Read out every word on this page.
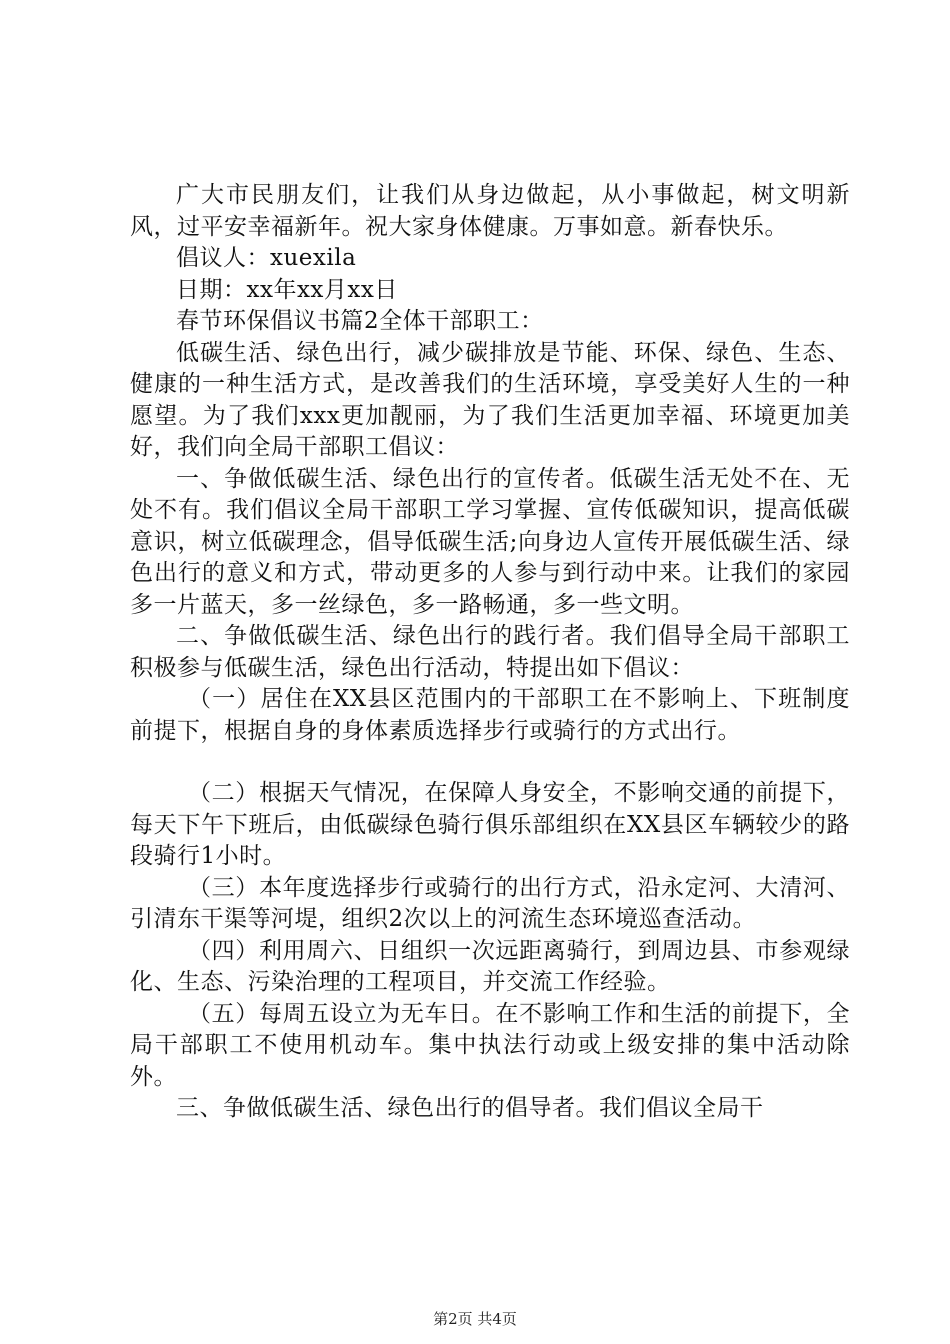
广大市民朋友们，让我们从身边做起，从小事做起，树文明新风，过平安幸福新年。祝大家身体健康。万事如意。新春快乐。

倡议人：xuexila

日期：xx年xx月xx日

春节环保倡议书篇2全体干部职工：

低碳生活、绿色出行，减少碳排放是节能、环保、绿色、生态、健康的一种生活方式，是改善我们的生活环境，享受美好人生的一种愿望。为了我们xxx更加靓丽，为了我们生活更加幸福、环境更加美好，我们向全局干部职工倡议：

一、争做低碳生活、绿色出行的宣传者。低碳生活无处不在、无处不有。我们倡议全局干部职工学习掌握、宣传低碳知识，提高低碳意识，树立低碳理念，倡导低碳生活;向身边人宣传开展低碳生活、绿色出行的意义和方式，带动更多的人参与到行动中来。让我们的家园多一片蓝天，多一丝绿色，多一路畅通，多一些文明。

二、争做低碳生活、绿色出行的践行者。我们倡导全局干部职工积极参与低碳生活，绿色出行活动，特提出如下倡议：

（一）居住在XX县区范围内的干部职工在不影响上、下班制度前提下，根据自身的身体素质选择步行或骑行的方式出行。

（二）根据天气情况，在保障人身安全，不影响交通的前提下，每天下午下班后，由低碳绿色骑行俱乐部组织在XX县区车辆较少的路段骑行1小时。

（三）本年度选择步行或骑行的出行方式，沿永定河、大清河、引清东干渠等河堤，组织2次以上的河流生态环境巡查活动。

（四）利用周六、日组织一次远距离骑行，到周边县、市参观绿化、生态、污染治理的工程项目，并交流工作经验。

（五）每周五设立为无车日。在不影响工作和生活的前提下，全局干部职工不使用机动车。集中执法行动或上级安排的集中活动除外。

三、争做低碳生活、绿色出行的倡导者。我们倡议全局干

第2页 共4页
